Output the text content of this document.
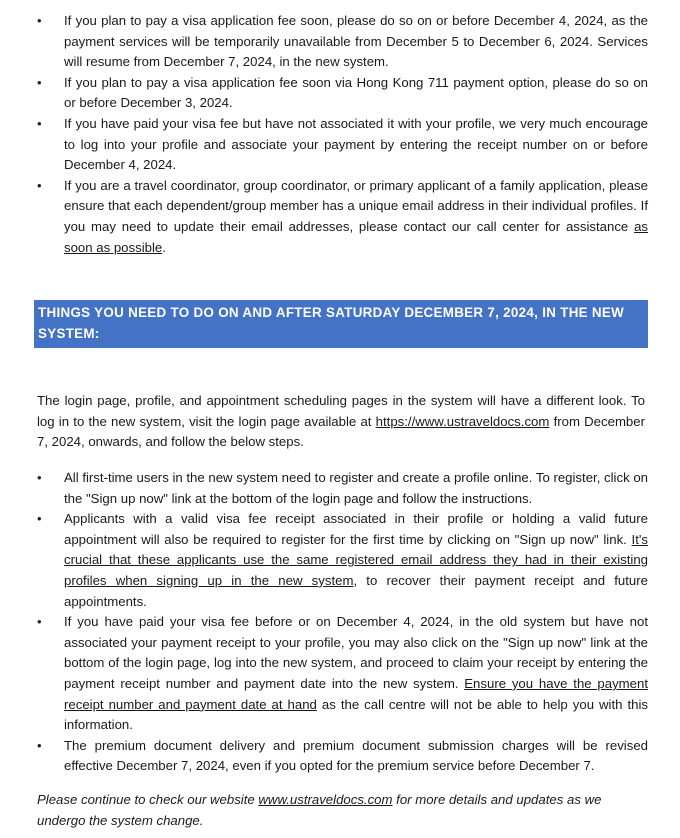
• If you plan to pay a visa application fee soon, please do so on or before December 4, 2024, as the payment services will be temporarily unavailable from December 5 to December 6, 2024. Services will resume from December 7, 2024, in the new system.
• If you plan to pay a visa application fee soon via Hong Kong 711 payment option, please do so on or before December 3, 2024.
• If you have paid your visa fee but have not associated it with your profile, we very much encourage to log into your profile and associate your payment by entering the receipt number on or before December 4, 2024.
• If you are a travel coordinator, group coordinator, or primary applicant of a family application, please ensure that each dependent/group member has a unique email address in their individual profiles. If you may need to update their email addresses, please contact our call center for assistance as soon as possible.
THINGS YOU NEED TO DO ON AND AFTER SATURDAY DECEMBER 7, 2024, IN THE NEW SYSTEM:
The login page, profile, and appointment scheduling pages in the system will have a different look. To log in to the new system, visit the login page available at https://www.ustraveldocs.com from December 7, 2024, onwards, and follow the below steps.
• All first-time users in the new system need to register and create a profile online. To register, click on the "Sign up now" link at the bottom of the login page and follow the instructions.
• Applicants with a valid visa fee receipt associated in their profile or holding a valid future appointment will also be required to register for the first time by clicking on "Sign up now" link. It's crucial that these applicants use the same registered email address they had in their existing profiles when signing up in the new system, to recover their payment receipt and future appointments.
• If you have paid your visa fee before or on December 4, 2024, in the old system but have not associated your payment receipt to your profile, you may also click on the "Sign up now" link at the bottom of the login page, log into the new system, and proceed to claim your receipt by entering the payment receipt number and payment date into the new system. Ensure you have the payment receipt number and payment date at hand as the call centre will not be able to help you with this information.
• The premium document delivery and premium document submission charges will be revised effective December 7, 2024, even if you opted for the premium service before December 7.
Please continue to check our website www.ustraveldocs.com for more details and updates as we undergo the system change.
